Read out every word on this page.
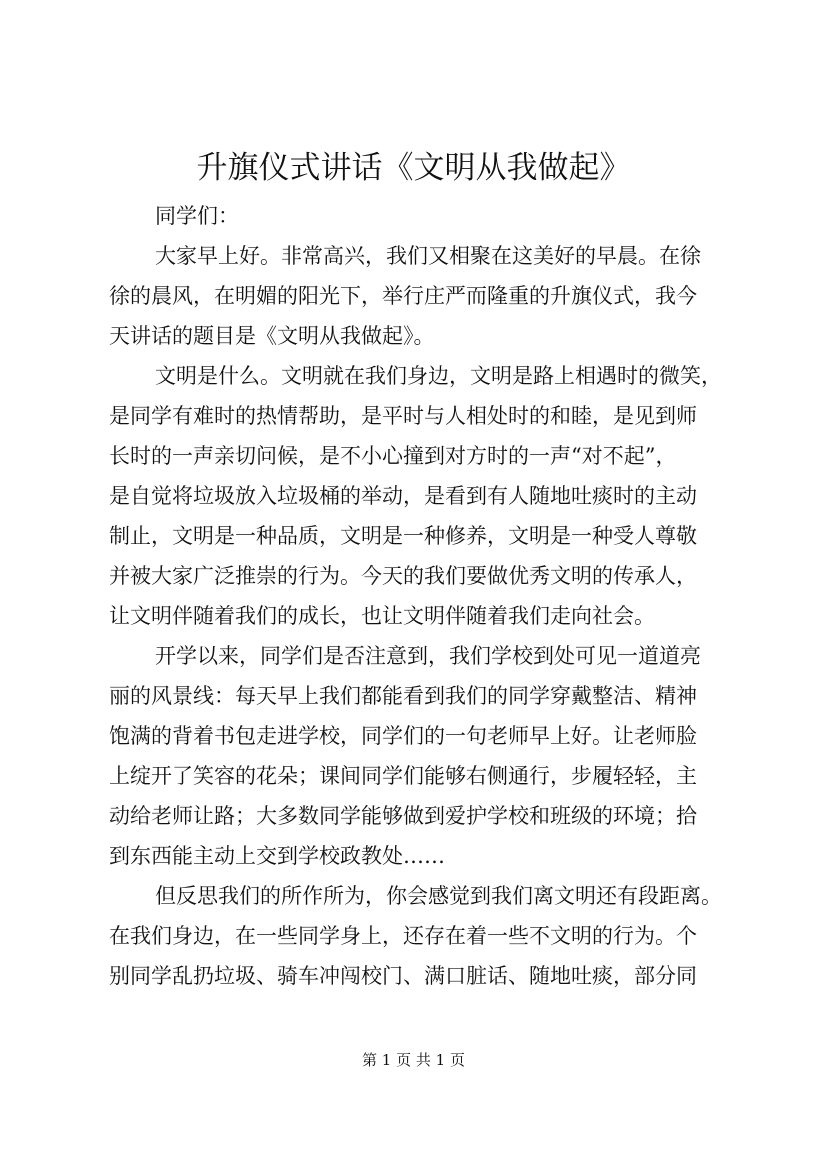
升旗仪式讲话《文明从我做起》
同学们：
大家早上好。非常高兴，我们又相聚在这美好的早晨。在徐
徐的晨风，在明媚的阳光下，举行庄严而隆重的升旗仪式，我今
天讲话的题目是《文明从我做起》。
文明是什么。文明就在我们身边，文明是路上相遇时的微笑，
是同学有难时的热情帮助，是平时与人相处时的和睦，是见到师
长时的一声亲切问候，是不小心撞到对方时的一声“对不起”，
是自觉将垃圾放入垃圾桶的举动，是看到有人随地吐痰时的主动
制止，文明是一种品质，文明是一种修养，文明是一种受人尊敬
并被大家广泛推崇的行为。今天的我们要做优秀文明的传承人，
让文明伴随着我们的成长，也让文明伴随着我们走向社会。
开学以来，同学们是否注意到，我们学校到处可见一道道亮
丽的风景线：每天早上我们都能看到我们的同学穿戴整洁、精神
饱满的背着书包走进学校，同学们的一句老师早上好。让老师脸
上绽开了笑容的花朵；课间同学们能够右侧通行，步履轻轻，主
动给老师让路；大多数同学能够做到爱护学校和班级的环境；拾
到东西能主动上交到学校政教处……
但反思我们的所作所为，你会感觉到我们离文明还有段距离。
在我们身边，在一些同学身上，还存在着一些不文明的行为。个
别同学乱扔垃圾、骑车冲闯校门、满口脏话、随地吐痰，部分同
第 1 页 共 1 页
